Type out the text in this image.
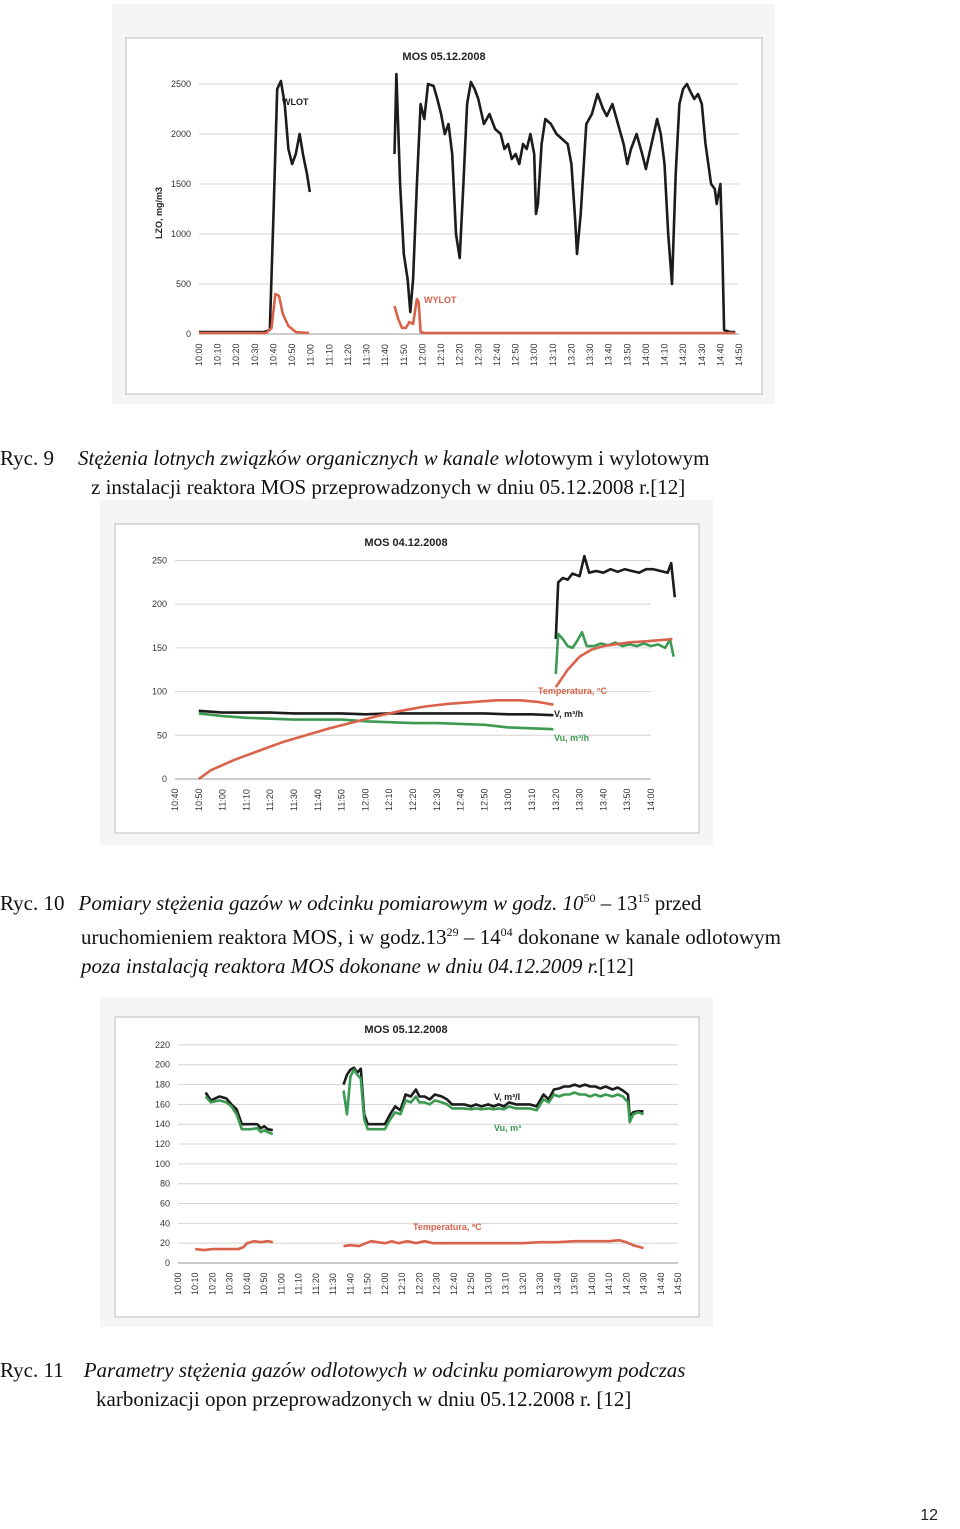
0
500
1000
1500
2000
2500
10:00 10:10 10:20 10:30 10:40 10:50 11:00 11:10 11:20 11:30 11:40 11:50 12:00 12:10 12:20 12:30 12:40 12:50 13:00 13:10 13:20 13:30 13:40 13:50 14:00 14:10 14:20 14:30 14:40 14:50
MOS 05.12.2008
LZO, mg/m3
WLOT
WYLOT
Ryc. 9 Stężenia lotnych związków organicznych w kanale wlotowym i wylotowym
z instalacji reaktora MOS przeprowadzonych w dniu 05.12.2008 r.[12]
0
50
100
150
200
250
10:40 10:50 11:00 11:10 11:20 11:30 11:40 11:50 12:00 12:10 12:20 12:30 12:40 12:50 13:00 13:10 13:20 13:30 13:40 13:50 14:00
MOS 04.12.2008
V, m³/h
Vu, m³/h
Temperatura, °C
Ryc. 10 Pomiary stężenia gazów w odcinku pomiarowym w godz. $10^{50} - 13^{15}$ przed
uruchomieniem reaktora MOS, i w $godz.13^{29} - 14^{04}$ dokonane w kanale odlotowym
poza instalacją reaktora MOS dokonane w dniu 04.12.2009 r.[12]
0
20
40
60
80
100
120
140
160
180
200
220
10:00 10:10 10:20 10:30 10:40 10:50 11:00 11:10 11:20 11:30 11:40 11:50 12:00 12:10 12:20 12:30 12:40 12:50 13:00 13:10 13:20 13:30 13:40 13:50 14:00 14:10 14:20 14:30 14:40 14:50
MOS 05.12.2008
V, m³/l
Vu, m³
Temperatura, ºC
Ryc. 11 Parametry stężenia gazów odlotowych w odcinku pomiarowym podczas
karbonizacji opon przeprowadzonych w dniu 05.12.2008 r. [12]
12
